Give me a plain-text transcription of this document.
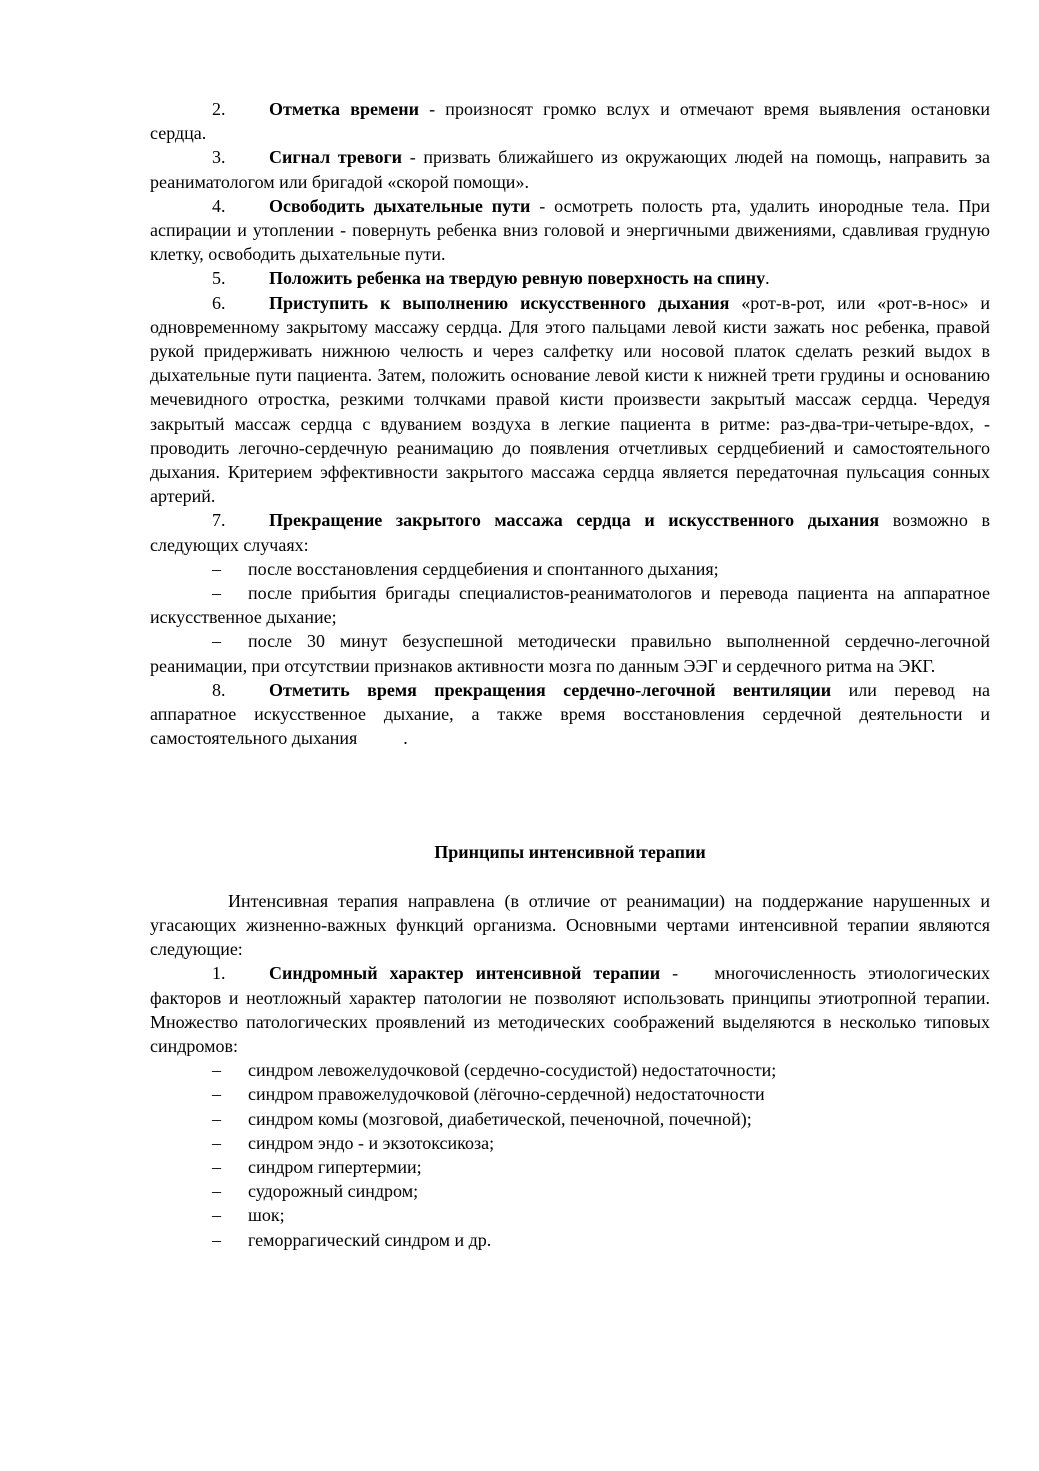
2. Отметка времени - произносят громко вслух и отмечают время выявления остановки сердца.

3. Сигнал тревоги - призвать ближайшего из окружающих людей на помощь, направить за реаниматологом или бригадой «скорой помощи».

4. Освободить дыхательные пути - осмотреть полость рта, удалить инородные тела. При аспирации и утоплении - повернуть ребенка вниз головой и энергичными движениями, сдавливая грудную клетку, освободить дыхательные пути.

5. Положить ребенка на твердую ревную поверхность на спину.

6. Приступить к выполнению искусственного дыхания «рот-в-рот, или «рот-в-нос» и одновременному закрытому массажу сердца. Для этого пальцами левой кисти зажать нос ребенка, правой рукой придерживать нижнюю челюсть и через салфетку или носовой платок сделать резкий выдох в дыхательные пути пациента. Затем, положить основание левой кисти к нижней трети грудины и основанию мечевидного отростка, резкими толчками правой кисти произвести закрытый массаж сердца. Чередуя закрытый массаж сердца с вдуванием воздуха в легкие пациента в ритме: раз-два-три-четыре-вдох, - проводить легочно-сердечную реанимацию до появления отчетливых сердцебиений и самостоятельного дыхания. Критерием эффективности закрытого массажа сердца является передаточная пульсация сонных артерий.

7. Прекращение закрытого массажа сердца и искусственного дыхания возможно в следующих случаях:

– после восстановления сердцебиения и спонтанного дыхания;

– после прибытия бригады специалистов-реаниматологов и перевода пациента на аппаратное искусственное дыхание;

– после 30 минут безуспешной методически правильно выполненной сердечно-легочной реанимации, при отсутствии признаков активности мозга по данным ЭЭГ и сердечного ритма на ЭКГ.

8. Отметить время прекращения сердечно-легочной вентиляции или перевод на аппаратное искусственное дыхание, а также время восстановления сердечной деятельности и самостоятельного дыхания	.

Принципы интенсивной терапии

Интенсивная терапия направлена (в отличие от реанимации) на поддержание нарушенных и угасающих жизненно-важных функций организма. Основными чертами интенсивной терапии являются следующие:

1. Синдромный характер интенсивной терапии -   многочисленность этиологических факторов и неотложный характер патологии не позволяют использовать принципы этиотропной терапии. Множество патологических проявлений из методических соображений выделяются в несколько типовых синдромов:

– синдром левожелудочковой (сердечно-сосудистой) недостаточности;

– синдром правожелудочковой (лёгочно-сердечной) недостаточности

– синдром комы (мозговой, диабетической, печеночной, почечной);

– синдром эндо - и экзотоксикоза;

– синдром гипертермии;

– судорожный синдром;

– шок;

– геморрагический синдром и др.
